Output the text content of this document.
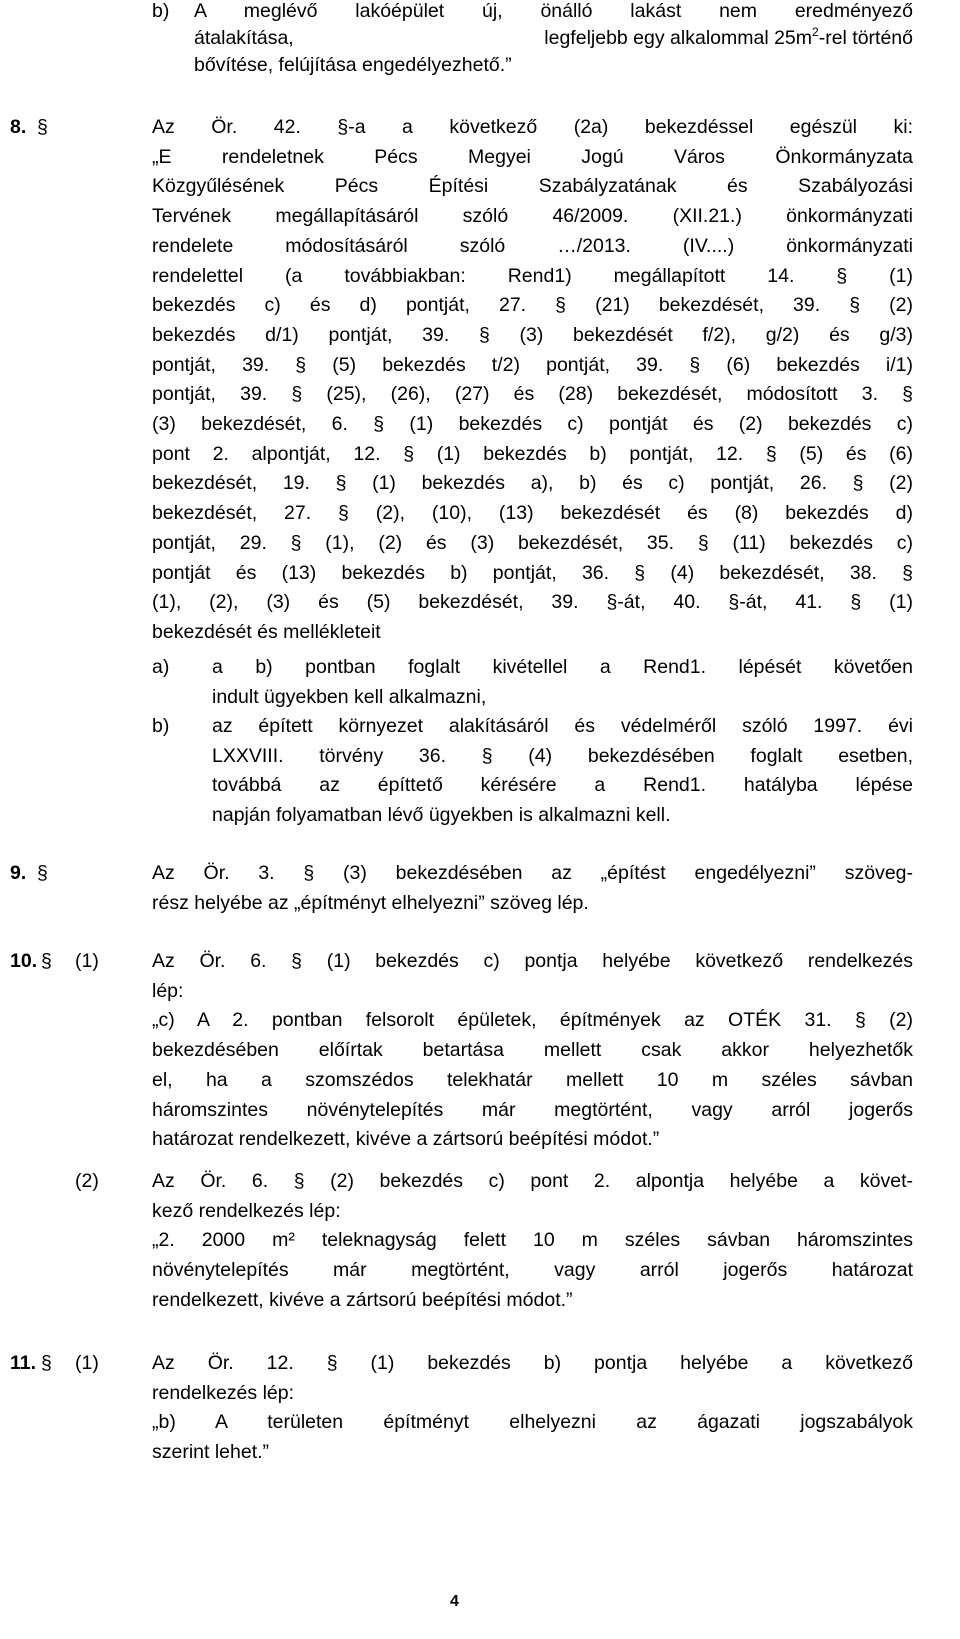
b) A meglévő lakóépület új, önálló lakást nem eredményező
átalakítása,	legfeljebb egy alkalommal $25m^2$-rel történő
bővítése, felújítása engedélyezhető.”
8. §	Az Ör. 42. §-a a következő (2a) bekezdéssel egészül ki:
„E rendeletnek Pécs Megyei Jogú Város Önkormányzata
Közgyűlésének Pécs Építési Szabályzatának és Szabályozási
Tervének megállapításáról szóló 46/2009. (XII.21.) önkormányzati
rendelete módosításáról szóló …/2013. (IV....) önkormányzati
rendelettel (a továbbiakban: Rend1) megállapított 14. § (1)
bekezdés c) és d) pontját, 27. § (21) bekezdését, 39. § (2)
bekezdés d/1) pontját, 39. § (3) bekezdését f/2), g/2) és g/3)
pontját, 39. § (5) bekezdés t/2) pontját, 39. § (6) bekezdés i/1)
pontját, 39. § (25), (26), (27) és (28) bekezdését, módosított 3. §
(3) bekezdését, 6. § (1) bekezdés c) pontját és (2) bekezdés c)
pont 2. alpontját, 12. § (1) bekezdés b) pontját, 12. § (5) és (6)
bekezdését, 19. § (1) bekezdés a), b) és c) pontját, 26. § (2)
bekezdését, 27. § (2), (10), (13) bekezdését és (8) bekezdés d)
pontját, 29. § (1), (2) és (3) bekezdését, 35. § (11) bekezdés c)
pontját és (13) bekezdés b) pontját, 36. § (4) bekezdését, 38. §
(1), (2), (3) és (5) bekezdését, 39. §-át, 40. §-át, 41. § (1)
bekezdését és mellékleteit
a)
b)
a b) pontban foglalt kivétellel a Rend1. lépését követően
indult ügyekben kell alkalmazni,
az épített környezet alakításáról és védelméről szóló 1997. évi
LXXVIII. törvény 36. § (4) bekezdésében foglalt esetben,
továbbá az építtető kérésére a Rend1. hatályba lépése
napján folyamatban lévő ügyekben is alkalmazni kell.
9. §	Az Ör. 3. § (3) bekezdésében az „építést engedélyezni” szöveg-
rész helyébe az „építményt elhelyezni” szöveg lép.
10. § (1)	Az Ör. 6. § (1) bekezdés c) pontja helyébe következő rendelkezés
lép:
„c) A 2. pontban felsorolt épületek, építmények az OTÉK 31. § (2)
bekezdésében előírtak betartása mellett csak akkor helyezhetők
el, ha a szomszédos telekhatár mellett 10 m széles sávban
háromszintes növénytelepítés már megtörtént, vagy arról jogerős
határozat rendelkezett, kivéve a zártsorú beépítési módot.”
(2)	Az Ör. 6. § (2) bekezdés c) pont 2. alpontja helyébe a követ-
kező rendelkezés lép:
„2. 2000 m² teleknagyság felett 10 m széles sávban háromszintes
növénytelepítés már megtörtént, vagy arról jogerős határozat
rendelkezett, kivéve a zártsorú beépítési módot.”
11. § (1)	Az Ör. 12. § (1) bekezdés b) pontja helyébe a következő
rendelkezés lép:
„b) A területen építményt elhelyezni az ágazati jogszabályok
szerint lehet.”
4
